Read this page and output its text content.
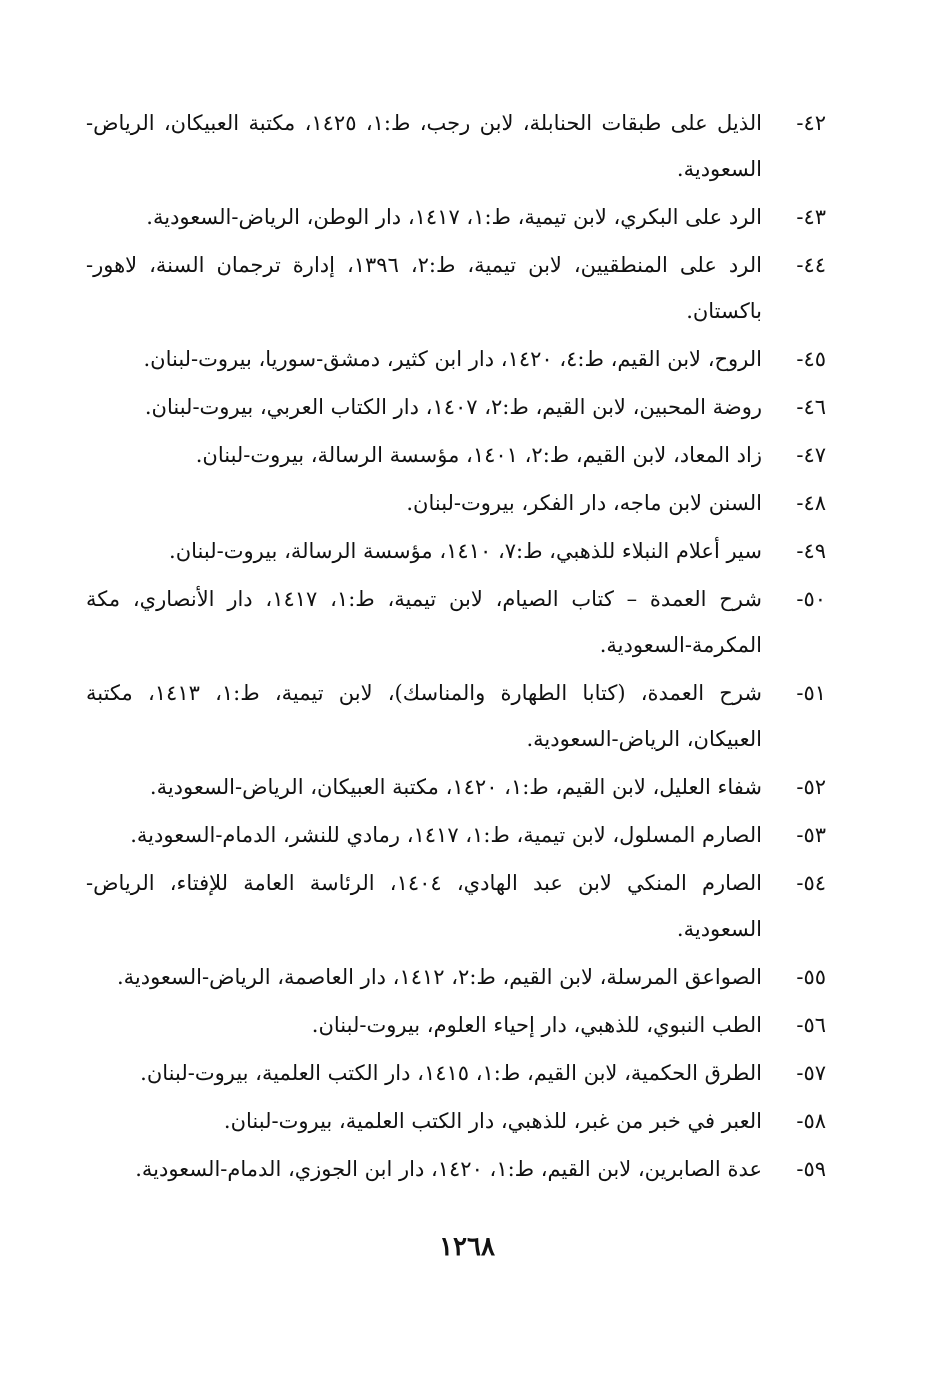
٤٢-
الذيل على طبقات الحنابلة، لابن رجب، ط:١، ١٤٢٥، مكتبة العبيكان، الرياض-السعودية.
٤٣-
الرد على البكري، لابن تيمية، ط:١، ١٤١٧، دار الوطن، الرياض-السعودية.
٤٤-
الرد على المنطقيين، لابن تيمية، ط:٢، ١٣٩٦، إدارة ترجمان السنة، لاهور-باكستان.
٤٥-
الروح، لابن القيم، ط:٤، ١٤٢٠، دار ابن كثير، دمشق-سوريا، بيروت-لبنان.
٤٦-
روضة المحبين، لابن القيم، ط:٢، ١٤٠٧، دار الكتاب العربي، بيروت-لبنان.
٤٧-
زاد المعاد، لابن القيم، ط:٢، ١٤٠١، مؤسسة الرسالة، بيروت-لبنان.
٤٨-
السنن لابن ماجه، دار الفكر، بيروت-لبنان.
٤٩-
سير أعلام النبلاء للذهبي، ط:٧، ١٤١٠، مؤسسة الرسالة، بيروت-لبنان.
٥٠-
شرح العمدة – كتاب الصيام، لابن تيمية، ط:١، ١٤١٧، دار الأنصاري، مكة المكرمة-السعودية.
٥١-
شرح العمدة، (كتابا الطهارة والمناسك)، لابن تيمية، ط:١، ١٤١٣، مكتبة العبيكان، الرياض-السعودية.
٥٢-
شفاء العليل، لابن القيم، ط:١، ١٤٢٠، مكتبة العبيكان، الرياض-السعودية.
٥٣-
الصارم المسلول، لابن تيمية، ط:١، ١٤١٧، رمادي للنشر، الدمام-السعودية.
٥٤-
الصارم المنكي لابن عبد الهادي، ١٤٠٤، الرئاسة العامة للإفتاء، الرياض-السعودية.
٥٥-
الصواعق المرسلة، لابن القيم، ط:٢، ١٤١٢، دار العاصمة، الرياض-السعودية.
٥٦-
الطب النبوي، للذهبي، دار إحياء العلوم، بيروت-لبنان.
٥٧-
الطرق الحكمية، لابن القيم، ط:١، ١٤١٥، دار الكتب العلمية، بيروت-لبنان.
٥٨-
العبر في خبر من غبر، للذهبي، دار الكتب العلمية، بيروت-لبنان.
٥٩-
عدة الصابرين، لابن القيم، ط:١، ١٤٢٠، دار ابن الجوزي، الدمام-السعودية.
١٢٦٨
